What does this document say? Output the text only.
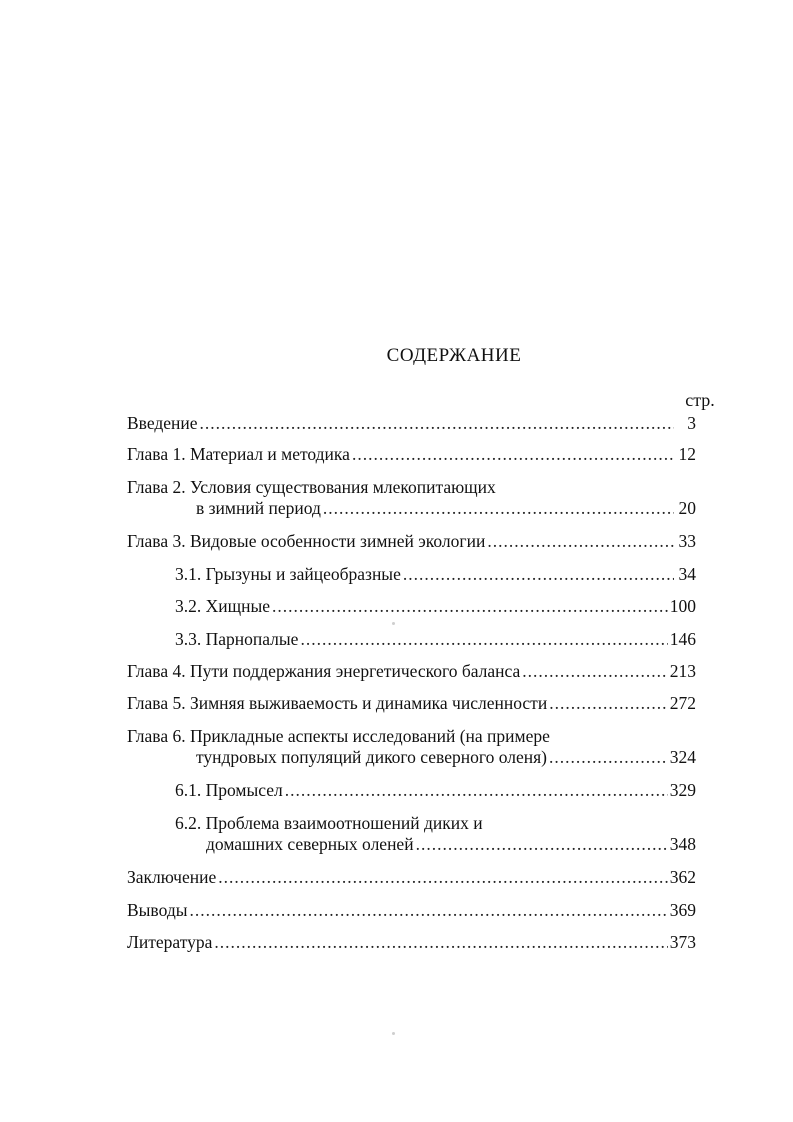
СОДЕРЖАНИЕ
стр.
Введение .....	3
Глава 1. Материал и методика .....	12
Глава 2. Условия существования млекопитающих
в зимний период .....	20
Глава 3. Видовые особенности зимней экологии .....	33
3.1. Грызуны и зайцеобразные .....	34
3.2. Хищные .....	100
3.3. Парнопалые .....	146
Глава 4. Пути поддержания энергетического баланса .....	213
Глава 5. Зимняя выживаемость и динамика численности .....	272
Глава 6. Прикладные аспекты исследований (на примере
тундровых популяций дикого северного оленя) .....	324
6.1. Промысел .....	329
6.2. Проблема взаимоотношений диких и
домашних северных оленей .....	348
Заключение .....	362
Выводы .....	369
Литература .....	373
